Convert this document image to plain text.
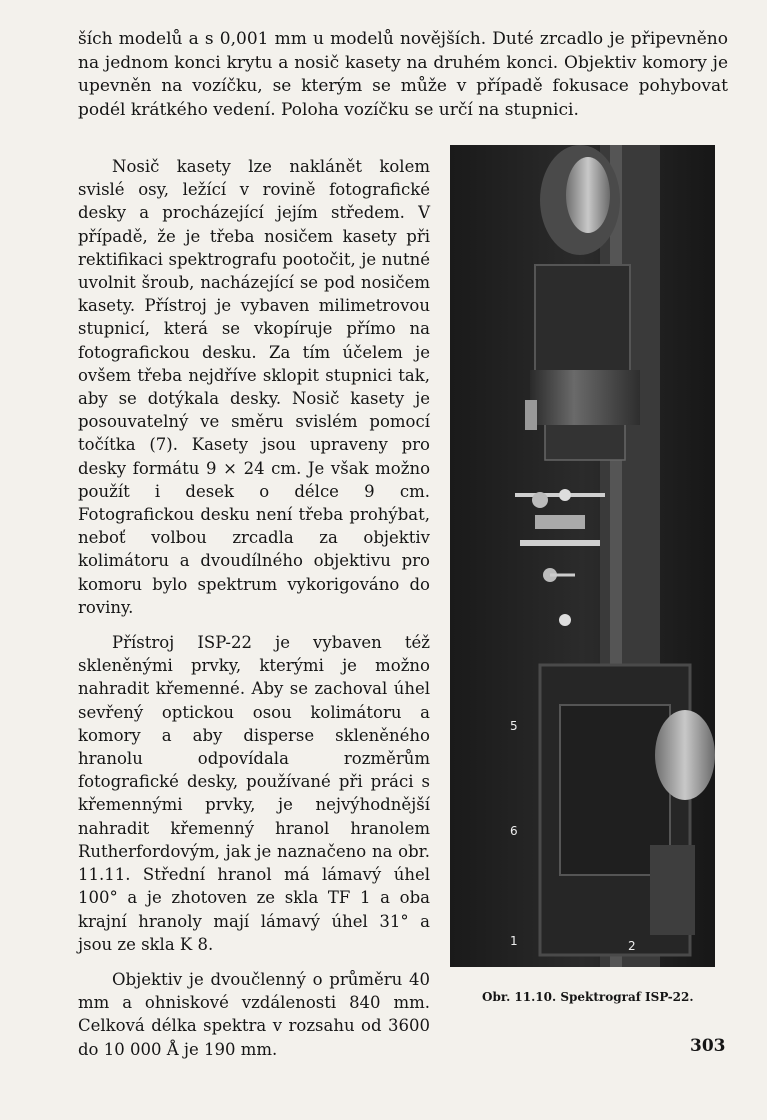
ších modelů a s 0,001 mm u modelů novějších. Duté zrcadlo je připevněno na jednom konci krytu a nosič kasety na druhém konci. Objektiv komory je upevněn na vozíčku, se kterým se může v případě fokusace pohybovat podél krátkého vedení. Poloha vozíčku se určí na stupnici.

Nosič kasety lze naklánět kolem svislé osy, ležící v rovině fotografické desky a procházející jejím středem. V případě, že je třeba nosičem kasety při rektifikaci spektrografu pootočit, je nutné uvolnit šroub, nacházející se pod nosičem kasety. Přístroj je vybaven milimetrovou stupnicí, která se vkopíruje přímo na fotografickou desku. Za tím účelem je ovšem třeba nejdříve sklopit stupnici tak, aby se dotýkala desky. Nosič kasety je posouvatelný ve směru svislém pomocí točítka (7). Kasety jsou upraveny pro desky formátu 9 × 24 cm. Je však možno použít i desek o délce 9 cm. Fotografickou desku není třeba prohýbat, neboť volbou zrcadla za objektiv kolimátoru a dvoudílného objektivu pro komoru bylo spektrum vykorigováno do roviny.

Přístroj ISP-22 je vybaven též skleněnými prvky, kterými je možno nahradit křemenné. Aby se zachoval úhel sevřený optickou osou kolimátoru a komory a aby disperse skleněného hranolu odpovídala rozměrům fotografické desky, používané při práci s křemennými prvky, je nejvýhodnější nahradit křemenný hranol hranolem Rutherfordovým, jak je naznačeno na obr. 11.11. Střední hranol má lámavý úhel 100° a je zhotoven ze skla TF 1 a oba krajní hranoly mají lámavý úhel 31° a jsou ze skla K 8.

Objektiv je dvoučlenný o průměru 40 mm a ohniskové vzdálenosti 840 mm. Celková délka spektra v rozsahu od 3600 do 10 000 Å je 190 mm.

5
6
1	2
Obr. 11.10. Spektrograf ISP-22.
303
